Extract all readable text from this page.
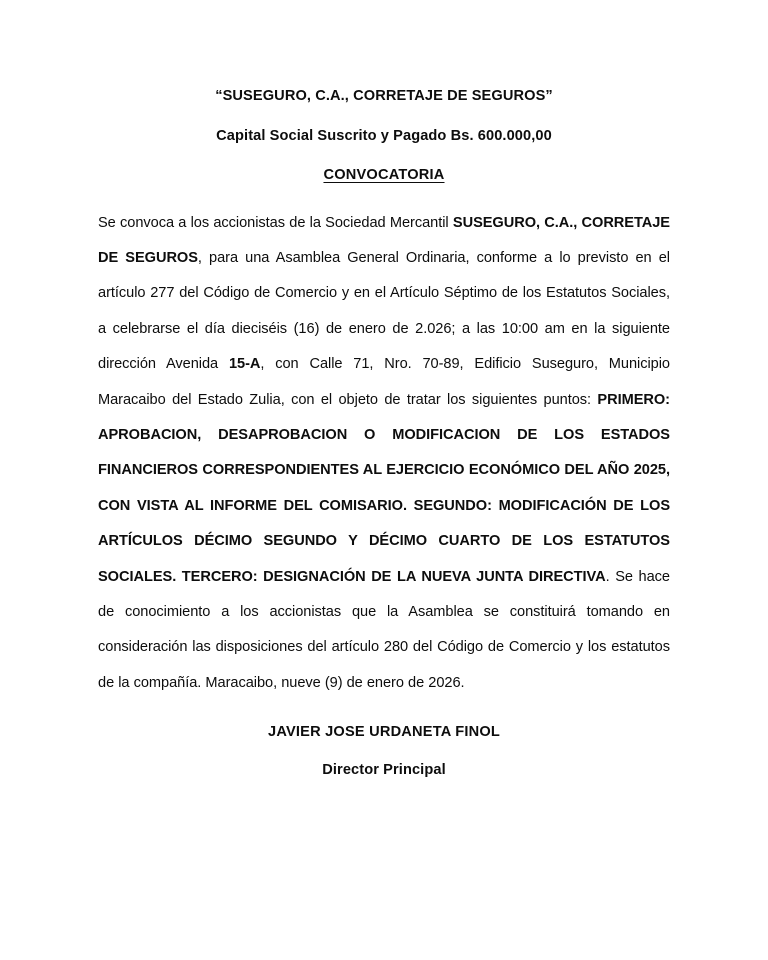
“SUSEGURO, C.A., CORRETAJE DE SEGUROS”
Capital Social Suscrito y Pagado Bs. 600.000,00
CONVOCATORIA

Se convoca a los accionistas de la Sociedad Mercantil SUSEGURO, C.A., CORRETAJE DE SEGUROS, para una Asamblea General Ordinaria, conforme a lo previsto en el artículo 277 del Código de Comercio y en el Artículo Séptimo de los Estatutos Sociales, a celebrarse el día dieciséis (16) de enero de 2.026; a las 10:00 am en la siguiente dirección Avenida 15-A, con Calle 71, Nro. 70-89, Edificio Suseguro, Municipio Maracaibo del Estado Zulia, con el objeto de tratar los siguientes puntos: PRIMERO: APROBACION, DESAPROBACION O MODIFICACION DE LOS ESTADOS FINANCIEROS CORRESPONDIENTES AL EJERCICIO ECONÓMICO DEL AÑO 2025, CON VISTA AL INFORME DEL COMISARIO. SEGUNDO: MODIFICACIÓN DE LOS ARTÍCULOS DÉCIMO SEGUNDO Y DÉCIMO CUARTO DE LOS ESTATUTOS SOCIALES. TERCERO: DESIGNACIÓN DE LA NUEVA JUNTA DIRECTIVA. Se hace de conocimiento a los accionistas que la Asamblea se constituirá tomando en consideración las disposiciones del artículo 280 del Código de Comercio y los estatutos de la compañía. Maracaibo, nueve (9) de enero de 2026.

JAVIER JOSE URDANETA FINOL

Director Principal
